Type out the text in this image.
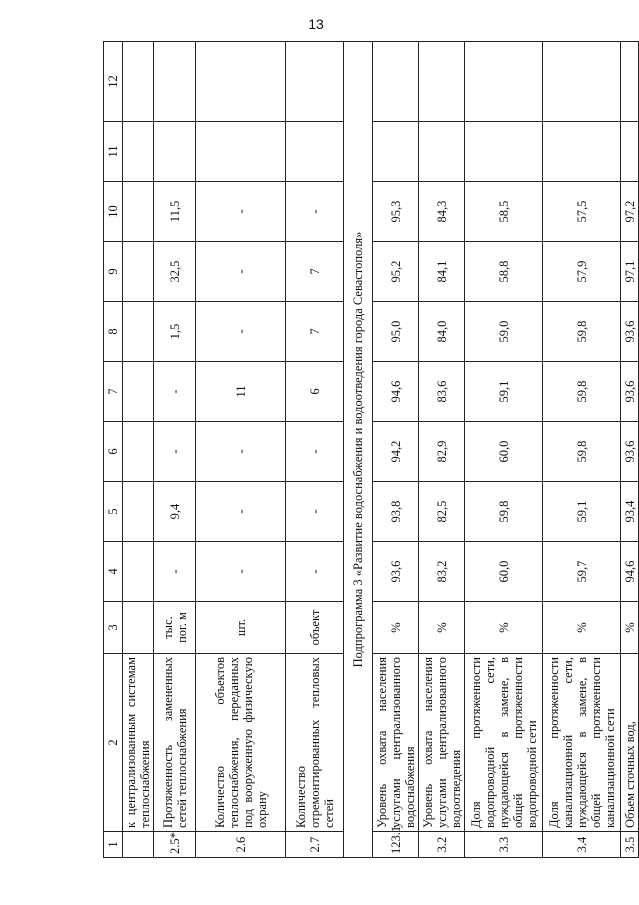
13
1	2	3	4	5	6	7	8	9	10	11	12
	к централизованным системам теплоснабжения										
2.5*	Протяженность замененных сетей теплоснабжения	тыс. пог. м	-	9,4	-	-	1,5	32,5	11,5		
2.6	Количество объектов теплоснабжения, переданных под вооруженную физическую охрану	шт.	-	-	-	11	-	-	-		
2.7	Количество отремонтированных тепловых сетей	объект	-	-	-	6	7	7	-		
Подпрограмма 3 «Развитие водоснабжения и водоотведения города Севастополя»											
123.1	Уровень охвата населения услугами централизованного водоснабжения	%	93,6	93,8	94,2	94,6	95,0	95,2	95,3		
3.2	Уровень охвата населения услугами централизованного водоотведения	%	83,2	82,5	82,9	83,6	84,0	84,1	84,3		
3.3	Доля протяженности водопроводной сети, нуждающейся в замене, в общей протяженности водопроводной сети	%	60,0	59,8	60,0	59,1	59,0	58,8	58,5		
3.4	Доля протяженности канализационной сети, нуждающейся в замене, в общей протяженности канализационной сети	%	59,7	59,1	59,8	59,8	59,8	57,9	57,5		
3.5	Объем сточных вод,	%	94,6	93,4	93,6	93,6	93,6	97,1	97,2		
